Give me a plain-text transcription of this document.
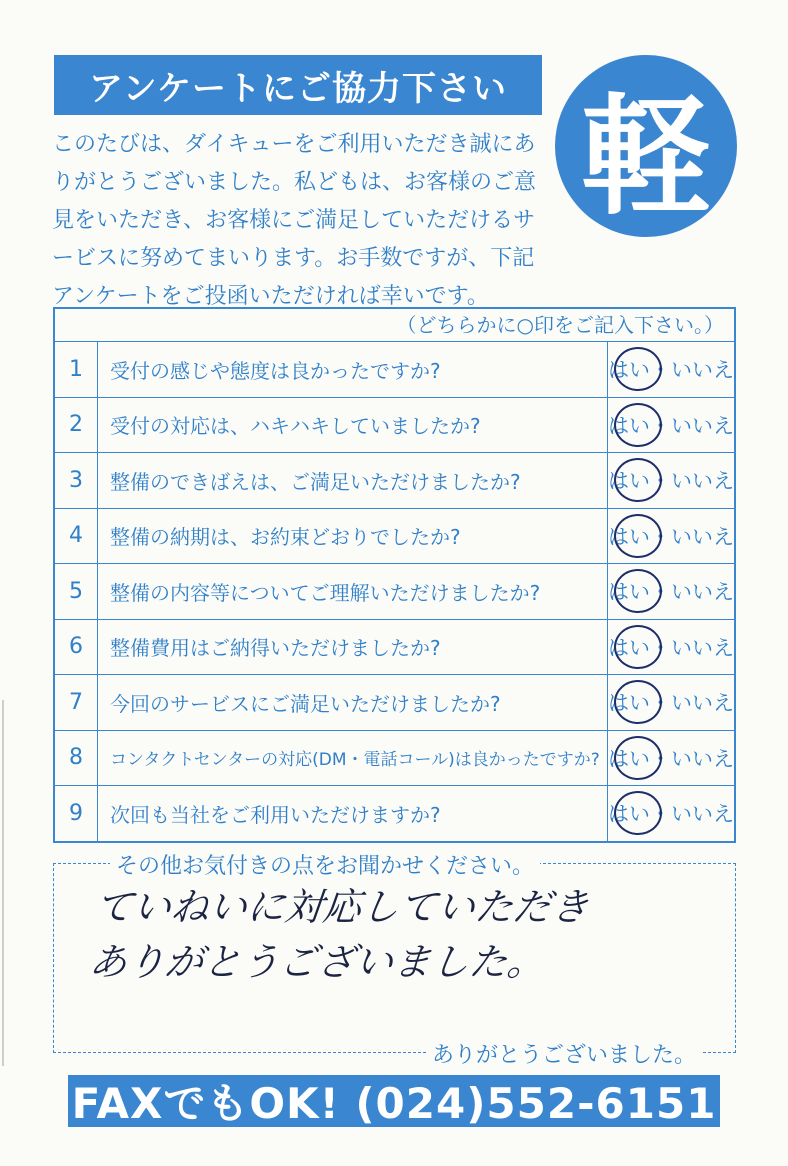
アンケートにご協力下さい 軽
このたびは、ダイキューをご利用いただき誠にありがとうございました。私どもは、お客様のご意見をいただき、お客様にご満足していただけるサービスに努めてまいります。お手数ですが、下記アンケートをご投函いただければ幸いです。
（どちらかに○印をご記入下さい。）
1	受付の感じや態度は良かったですか?	はい・いいえ
2	受付の対応は、ハキハキしていましたか?	はい・いいえ
3	整備のできばえは、ご満足いただけましたか?	はい・いいえ
4	整備の納期は、お約束どおりでしたか?	はい・いいえ
5	整備の内容等についてご理解いただけましたか?	はい・いいえ
6	整備費用はご納得いただけましたか?	はい・いいえ
7	今回のサービスにご満足いただけましたか?	はい・いいえ
8	コンタクトセンターの対応(DM・電話コール)は良かったですか? はい・いいえ
9	次回も当社をご利用いただけますか?	はい・いいえ
その他お気付きの点をお聞かせください。
ていねいに対応していただき
ありがとうございました。
ありがとうございました。
FAXでもOK! (024)552-6151
